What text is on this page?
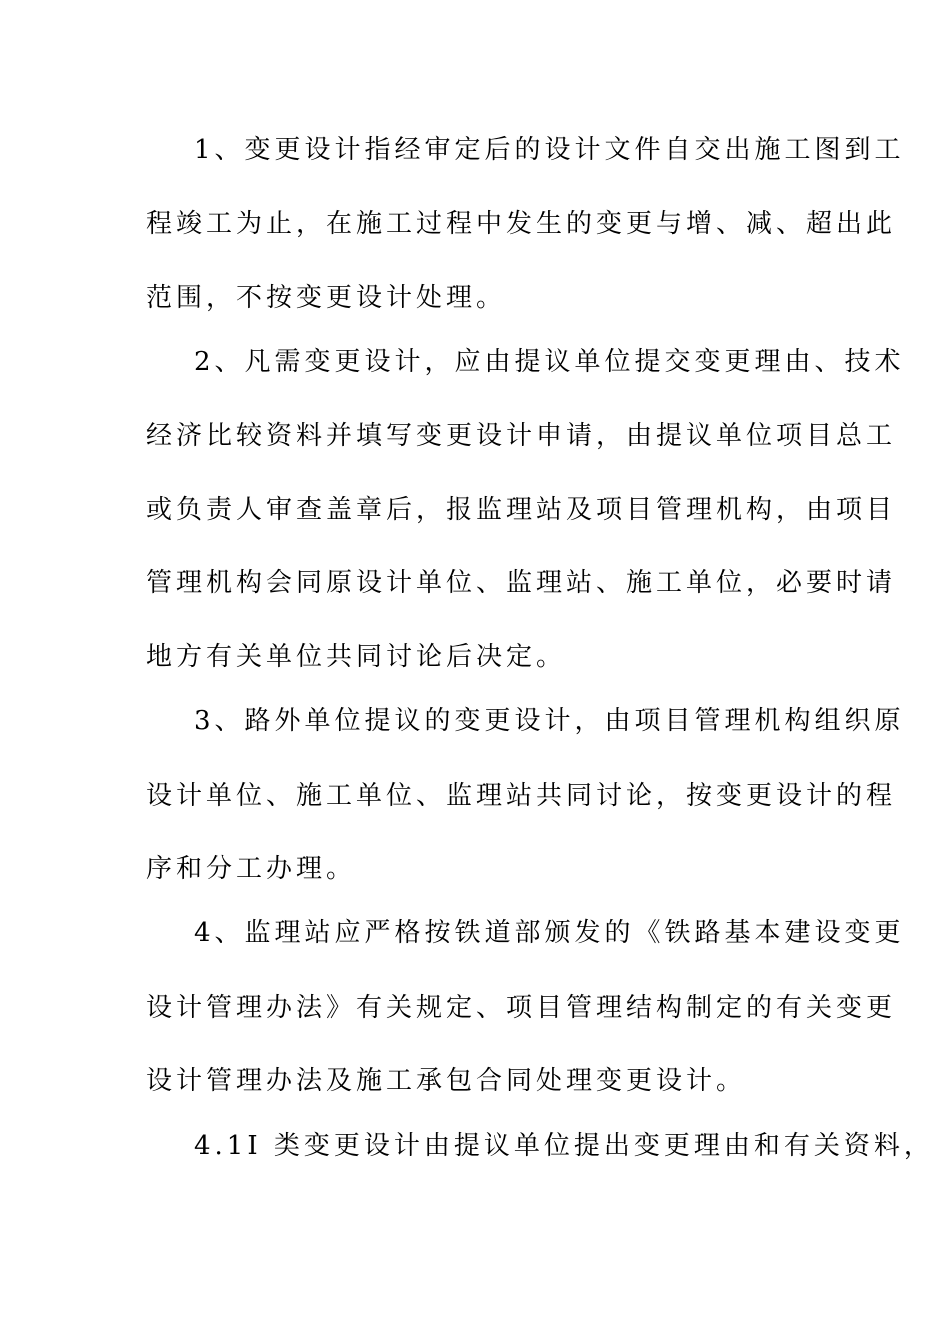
1、变更设计指经审定后的设计文件自交出施工图到工
程竣工为止，在施工过程中发生的变更与增、减、超出此
范围，不按变更设计处理。
2、凡需变更设计，应由提议单位提交变更理由、技术
经济比较资料并填写变更设计申请，由提议单位项目总工
或负责人审查盖章后，报监理站及项目管理机构，由项目
管理机构会同原设计单位、监理站、施工单位，必要时请
地方有关单位共同讨论后决定。
3、路外单位提议的变更设计，由项目管理机构组织原
设计单位、施工单位、监理站共同讨论，按变更设计的程
序和分工办理。
4、监理站应严格按铁道部颁发的《铁路基本建设变更
设计管理办法》有关规定、项目管理结构制定的有关变更
设计管理办法及施工承包合同处理变更设计。
4.1I 类变更设计由提议单位提出变更理由和有关资料，
